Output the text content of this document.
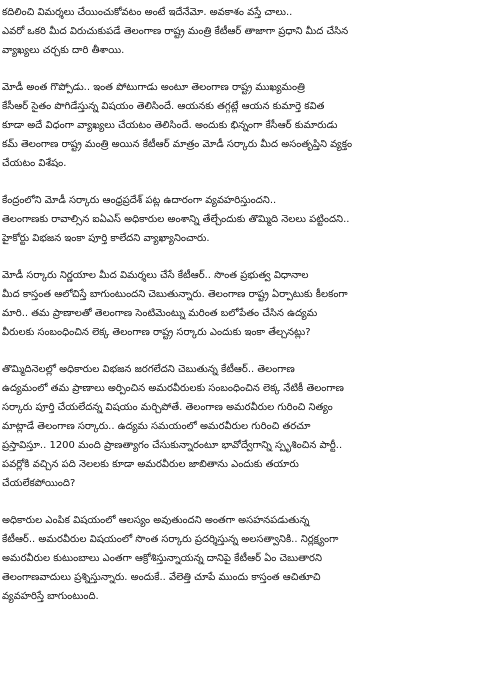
కదిలించి విమర్శలు చేయించుకోవటం అంటే ఇదేనేమో. అవకాశం వస్తే చాలు..
ఎవరో ఒకరి మీద విరుచుకుపడే తెలంగాణ రాష్ట్ర మంత్రి కేటీఆర్ తాజాగా ప్రధాని మీద చేసిన
వ్యాఖ్యలు చర్చకు దారి తీశాయి.
మోడీ అంత గొప్పోడు.. ఇంత పోటుగాడు అంటూ తెలంగాణ రాష్ట్ర ముఖ్యమంత్రి
కేసీఆర్ సైతం పొగిడేస్తున్న విషయం తెలిసిందే. ఆయనకు తగ్గట్లే ఆయన కుమార్తె కవిత
కూడా అదే విధంగా వ్యాఖ్యలు చేయటం తెలిసిందే. అందుకు భిన్నంగా కేసీఆర్ కుమారుడు
కమ్ తెలంగాణ రాష్ట్ర మంత్రి అయిన కేటీఆర్ మాత్రం మోడీ సర్కారు మీద అసంతృప్తిని వ్యక్తం
చేయటం విశేషం.
కేంద్రంలోని మోడీ సర్కారు ఆంధ్రప్రదేశ్ పట్ల ఉదారంగా వ్యవహరిస్తుందని..
తెలంగాణకు రావాల్సిన ఐఏఎస్ అధికారుల అంశాన్ని తేల్చేందుకు తొమ్మిది నెలలు పట్టిందని..
హైకోర్టు విభజన ఇంకా పూర్తి కాలేదని వ్యాఖ్యానించారు.
మోడీ సర్కారు నిర్ణయాల మీద విమర్శలు చేసే కేటీఆర్.. సొంత ప్రభుత్వ విధానాల
మీద కాస్తంత ఆలోచిస్తే బాగుంటుందని చెబుతున్నారు. తెలంగాణ రాష్ట్ర ఏర్పాటుకు కీలకంగా
మారి.. తమ ప్రాణాలతో తెలంగాణ సెంటిమెంట్ను మరింత బలోపేతం చేసిన ఉద్యమ
వీరులకు సంబంధించిన లెక్క తెలంగాణ రాష్ట్ర సర్కారు ఎందుకు ఇంకా తేల్చనట్లు?
తొమ్మిదినెలల్లో అధికారుల విభజన జరగలేదని చెబుతున్న కేటీఆర్.. తెలంగాణ
ఉద్యమంలో తమ ప్రాణాలు అర్పించిన అమరవీరులకు సంబంధించిన లెక్క నేటికీ తెలంగాణ
సర్కారు పూర్తి చేయలేదన్న విషయం మర్చిపోతే. తెలంగాణ అమరవీరుల గురించి నిత్యం
మాట్లాడే తెలంగాణ సర్కారు.. ఉద్యమ సమయంలో అమరవీరుల గురించి తరచూ
ప్రస్తావిస్తూ.. 1200 మంది ప్రాణత్యాగం చేసుకున్నారంటూ భావోద్వేగాన్ని స్పృశించిన పార్టీ..
పవర్లోకి వచ్చిన పది నెలలకు కూడా అమరవీరుల జాబితాను ఎందుకు తయారు
చేయలేకపోయింది?
అధికారుల ఎంపిక విషయంలో ఆలస్యం అవుతుందని అంతగా అసహనపడుతున్న
కేటీఆర్.. అమరవీరుల విషయంలో సొంత సర్కారు ప్రదర్శిస్తున్న అలసత్వానికి.. నిర్లక్ష్యంగా
అమరవీరుల కుటుంబాలు ఎంతగా ఆక్రోశిస్తున్నాయన్న దానిపై కేటీఆర్ ఏం చెబుతారని
తెలంగాణవాదులు ప్రశ్నిస్తున్నారు. అందుకే.. వేలెత్తి చూపే ముందు కాస్తంత ఆచితూచి
వ్యవహరిస్తే బాగుంటుంది.
